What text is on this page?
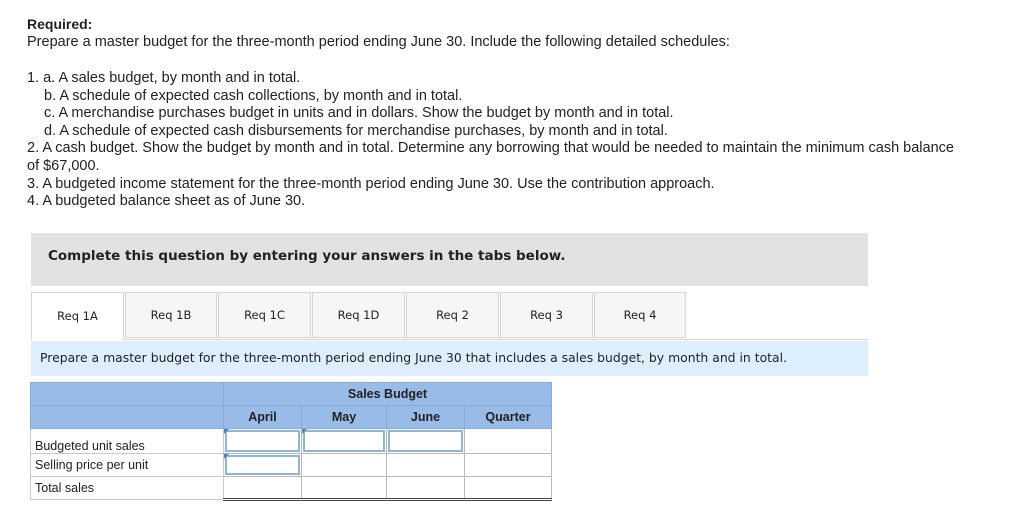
Required:
Prepare a master budget for the three-month period ending June 30. Include the following detailed schedules:
1. a. A sales budget, by month and in total.
b. A schedule of expected cash collections, by month and in total.
c. A merchandise purchases budget in units and in dollars. Show the budget by month and in total.
d. A schedule of expected cash disbursements for merchandise purchases, by month and in total.
2. A cash budget. Show the budget by month and in total. Determine any borrowing that would be needed to maintain the minimum cash balance of $67,000.
3. A budgeted income statement for the three-month period ending June 30. Use the contribution approach.
4. A budgeted balance sheet as of June 30.
Complete this question by entering your answers in the tabs below.
Req 1A	Req 1B	Req 1C	Req 1D	Req 2	Req 3	Req 4
Prepare a master budget for the three-month period ending June 30 that includes a sales budget, by month and in total.
	Sales Budget			
	April	May	June	Quarter
Budgeted unit sales	

Selling price per unit	

Total sales				
